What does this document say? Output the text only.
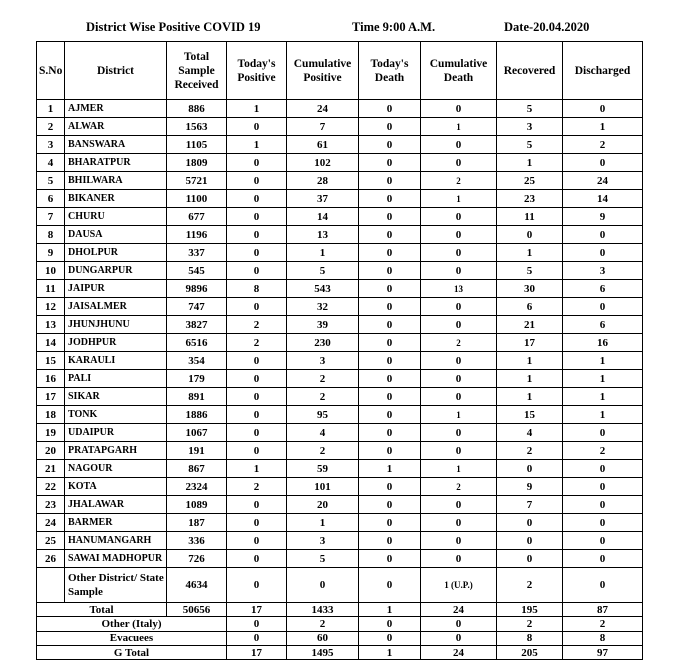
District Wise Positive COVID 19	Time 9:00 A.M.	Date-20.04.2020
S.No	District	Total Sample Received	Today's Positive	Cumulative Positive	Today's Death	Cumulative Death	Recovered	Discharged
1	AJMER	886	1	24	0	0	5	0
2	ALWAR	1563	0	7	0	1	3	1
3	BANSWARA	1105	1	61	0	0	5	2
4	BHARATPUR	1809	0	102	0	0	1	0
5	BHILWARA	5721	0	28	0	2	25	24
6	BIKANER	1100	0	37	0	1	23	14
7	CHURU	677	0	14	0	0	11	9
8	DAUSA	1196	0	13	0	0	0	0
9	DHOLPUR	337	0	1	0	0	1	0
10	DUNGARPUR	545	0	5	0	0	5	3
11	JAIPUR	9896	8	543	0	13	30	6
12	JAISALMER	747	0	32	0	0	6	0
13	JHUNJHUNU	3827	2	39	0	0	21	6
14	JODHPUR	6516	2	230	0	2	17	16
15	KARAULI	354	0	3	0	0	1	1
16	PALI	179	0	2	0	0	1	1
17	SIKAR	891	0	2	0	0	1	1
18	TONK	1886	0	95	0	1	15	1
19	UDAIPUR	1067	0	4	0	0	4	0
20	PRATAPGARH	191	0	2	0	0	2	2
21	NAGOUR	867	1	59	1	1	0	0
22	KOTA	2324	2	101	0	2	9	0
23	JHALAWAR	1089	0	20	0	0	7	0
24	BARMER	187	0	1	0	0	0	0
25	HANUMANGARH	336	0	3	0	0	0	0
26	SAWAI MADHOPUR	726	0	5	0	0	0	0
	Other District/ State Sample	4634	0	0	0	1 (U.P.)	2	0
Total		50656	17	1433	1	24	195	87
Other (Italy)			0	2	0	0	2	2
Evacuees			0	60	0	0	8	8
G Total			17	1495	1	24	205	97
